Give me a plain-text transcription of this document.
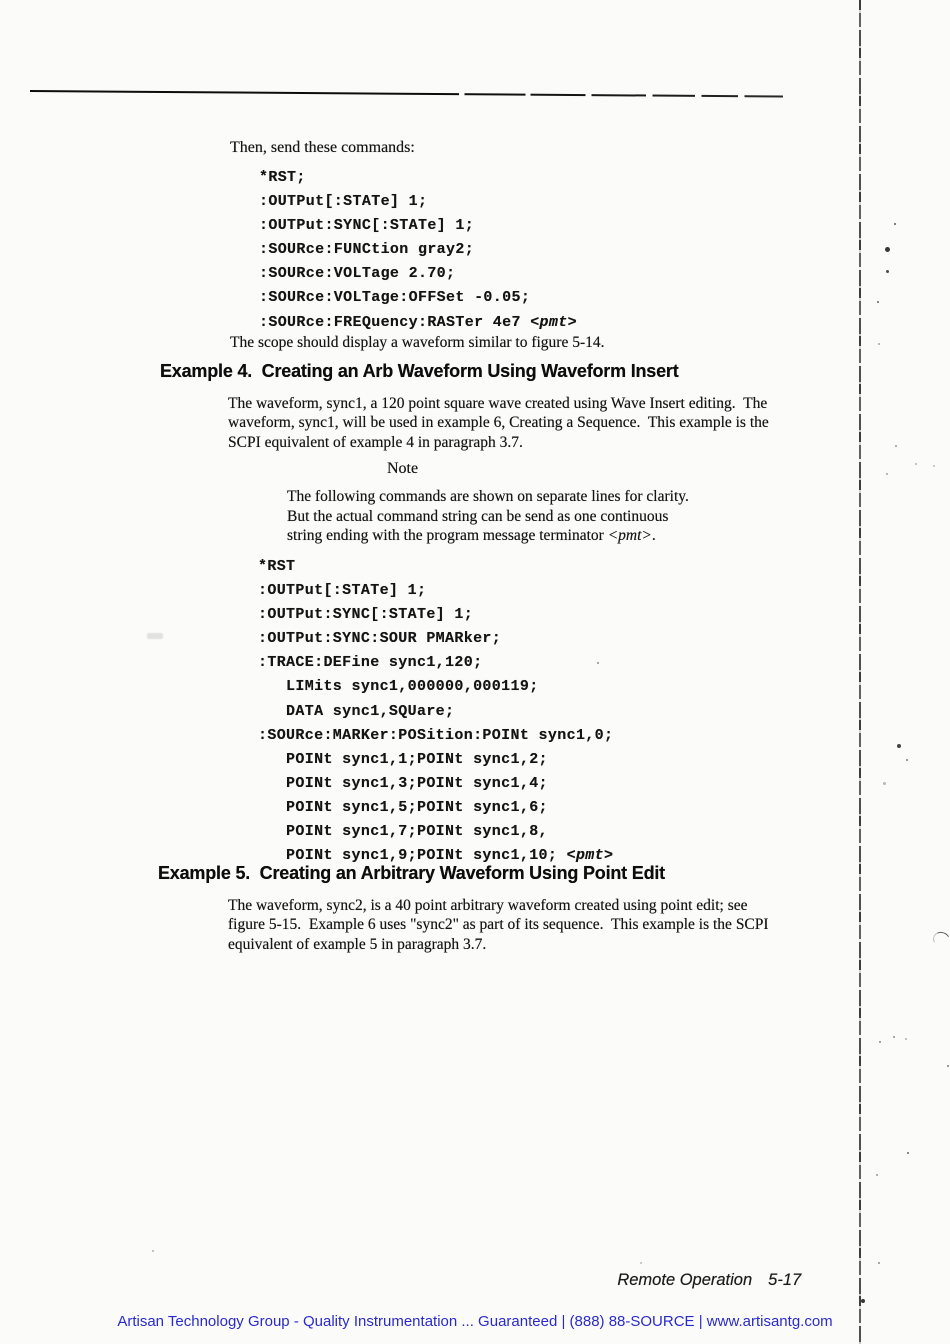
Then, send these commands:
*RST;
:OUTPut[:STATe] 1;
:OUTPut:SYNC[:STATe] 1;
:SOURce:FUNCtion gray2;
:SOURce:VOLTage 2.70;
:SOURce:VOLTage:OFFSet -0.05;
:SOURce:FREQuency:RASTer 4e7 <pmt>
The scope should display a waveform similar to figure 5-14.
Example 4.  Creating an Arb Waveform Using Waveform Insert
The waveform, sync1, a 120 point square wave created using Wave Insert editing.  The
waveform, sync1, will be used in example 6, Creating a Sequence.  This example is the
SCPI equivalent of example 4 in paragraph 3.7.
Note
The following commands are shown on separate lines for clarity.
But the actual command string can be send as one continuous
string ending with the program message terminator <pmt>.
*RST
:OUTPut[:STATe] 1;
:OUTPut:SYNC[:STATe] 1;
:OUTPut:SYNC:SOUR PMARker;
:TRACE:DEFine sync1,120;
LIMits sync1,000000,000119;
DATA sync1,SQUare;
:SOURce:MARKer:POSition:POINt sync1,0;
POINt sync1,1;POINt sync1,2;
POINt sync1,3;POINt sync1,4;
POINt sync1,5;POINt sync1,6;
POINt sync1,7;POINt sync1,8,
POINt sync1,9;POINt sync1,10; <pmt>
Example 5.  Creating an Arbitrary Waveform Using Point Edit
The waveform, sync2, is a 40 point arbitrary waveform created using point edit; see
figure 5-15.  Example 6 uses "sync2" as part of its sequence.  This example is the SCPI
equivalent of example 5 in paragraph 3.7.

Remote Operation 5-17

Artisan Technology Group - Quality Instrumentation ... Guaranteed | (888) 88-SOURCE | www.artisantg.com
